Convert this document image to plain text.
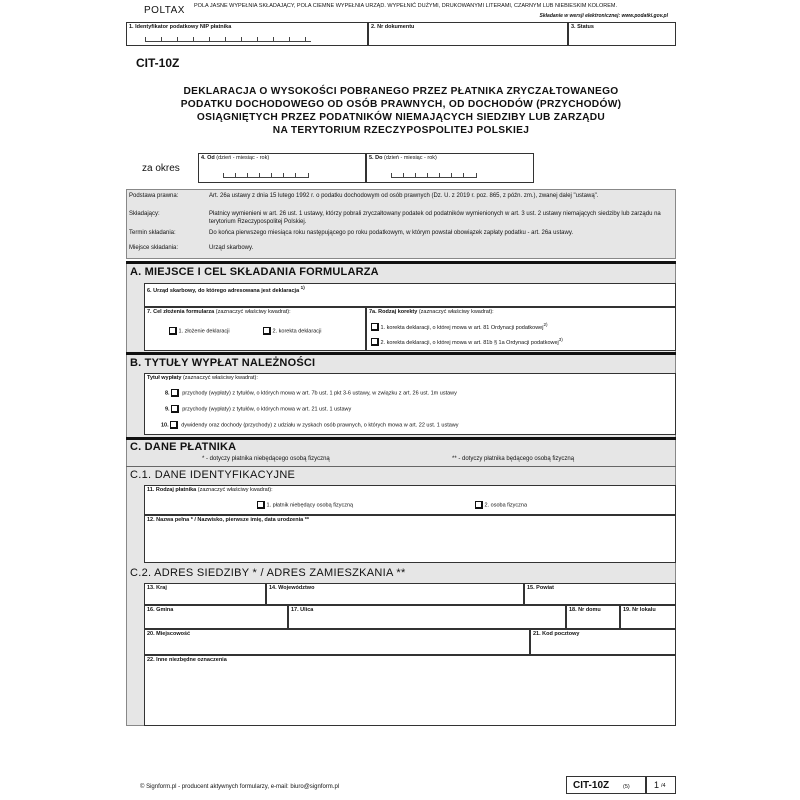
POLTAX POLA JASNE WYPEŁNIA SKŁADAJĄCY, POLA CIEMNE WYPEŁNIA URZĄD. WYPEŁNIĆ DUŻYMI, DRUKOWANYMI LITERAMI, CZARNYM LUB NIEBIESKIM KOLOREM.
Składanie w wersji elektronicznej: www.podatki.gov.pl
1. Identyfikator podatkowy NIP płatnika	2. Nr dokumentu	3. Status
CIT-10Z
DEKLARACJA O WYSOKOŚCI POBRANEGO PRZEZ PŁATNIKA ZRYCZAŁTOWANEGO
PODATKU DOCHODOWEGO OD OSÓB PRAWNYCH, OD DOCHODÓW (PRZYCHODÓW)
OSIĄGNIĘTYCH PRZEZ PODATNIKÓW NIEMAJĄCYCH SIEDZIBY LUB ZARZĄDU
NA TERYTORIUM RZECZYPOSPOLITEJ POLSKIEJ
za okres
4. Od (dzień - miesiąc - rok)	5. Do (dzień - miesiąc - rok)
Podstawa prawna:	Art. 26a ustawy z dnia 15 lutego 1992 r. o podatku dochodowym od osób prawnych (Dz. U. z 2019 r. poz. 865, z późn. zm.), zwanej dalej "ustawą".
Składający:	Płatnicy wymienieni w art. 26 ust. 1 ustawy, którzy pobrali zryczałtowany podatek od podatników wymienionych w art. 3 ust. 2 ustawy niemających siedziby lub zarządu na terytorium Rzeczypospolitej Polskiej.
Termin składania:	Do końca pierwszego miesiąca roku następującego po roku podatkowym, w którym powstał obowiązek zapłaty podatku - art. 26a ustawy.
Miejsce składania:	Urząd skarbowy.
A. MIEJSCE I CEL SKŁADANIA FORMULARZA
6. Urząd skarbowy, do którego adresowana jest deklaracja $^{1)}$
7. Cel złożenia formularza (zaznaczyć właściwy kwadrat):
1. złożenie deklaracji	2. korekta deklaracji
7a. Rodzaj korekty (zaznaczyć właściwy kwadrat):
1. korekta deklaracji, o której mowa w art. 81 Ordynacji podatkowej$^{2)}$
2. korekta deklaracji, o której mowa w art. 81b § 1a Ordynacji podatkowej$^{3)}$
B. TYTUŁY WYPŁAT NALEŻNOŚCI
Tytuł wypłaty (zaznaczyć właściwy kwadrat):
8. przychody (wypłaty) z tytułów, o których mowa w art. 7b ust. 1 pkt 3-6 ustawy, w związku z art. 26 ust. 1m ustawy
9. przychody (wypłaty) z tytułów, o których mowa w art. 21 ust. 1 ustawy
10. dywidendy oraz dochody (przychody) z udziału w zyskach osób prawnych, o których mowa w art. 22 ust. 1 ustawy
C. DANE PŁATNIKA
* - dotyczy płatnika niebędącego osobą fizyczną	** - dotyczy płatnika będącego osobą fizyczną
C.1. DANE IDENTYFIKACYJNE
11. Rodzaj płatnika (zaznaczyć właściwy kwadrat):
1. płatnik niebędący osobą fizyczną	2. osoba fizyczna
12. Nazwa pełna * / Nazwisko, pierwsze imię, data urodzenia **
C.2. ADRES SIEDZIBY * / ADRES ZAMIESZKANIA **
13. Kraj	14. Województwo	15. Powiat
16. Gmina	17. Ulica	18. Nr domu	19. Nr lokalu
20. Miejscowość	21. Kod pocztowy
22. Inne niezbędne oznaczenia
© Signform.pl - producent aktywnych formularzy, e-mail: biuro@signform.pl	CIT-10Z	(5)	1 /4
